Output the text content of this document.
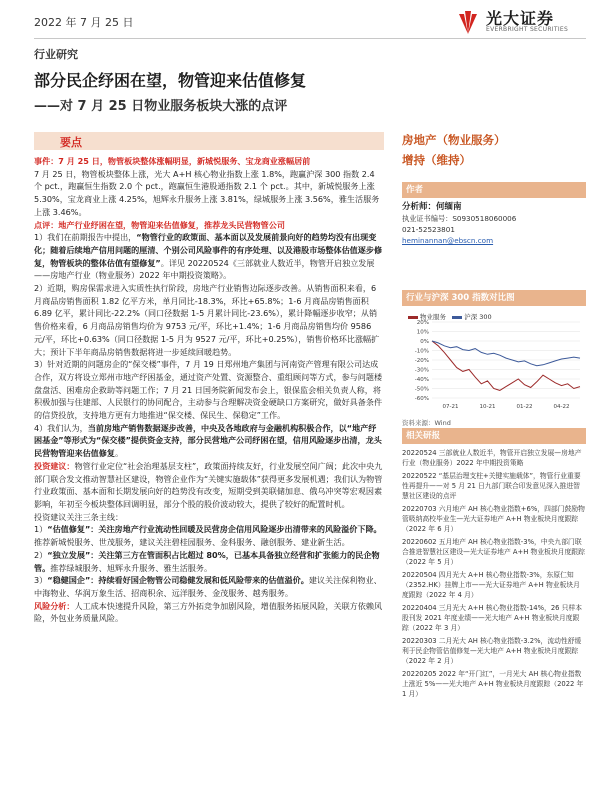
2022 年 7 月 25 日	光大证券
EVERBRIGHT SECURITIES
行业研究
部分民企纾困在望，物管迎来估值修复
——对 7 月 25 日物业服务板块大涨的点评
要点

事件：7 月 25 日，物管板块整体涨幅明显，新城悦服务、宝龙商业涨幅居前

7 月 25 日，物管板块整体上涨，光大 A+H 核心物业指数上涨 1.8%，跑赢沪深 300 指数 2.4 个 pct.，跑赢恒生指数 2.0 个 pct.，跑赢恒生港股通指数 2.1 个 pct.。其中，新城悦服务上涨 5.30%，宝龙商业上涨 4.25%，旭辉永升服务上涨 3.81%，绿城服务上涨 3.56%，雅生活服务上涨 3.46%。

点评：地产行业纾困在望，物管迎来估值修复，推荐龙头民营物管公司

1）我们在前期报告中提出，“物管行业的政策面、基本面以及发展前景向好的趋势均没有出现变化；随着后续地产信用问题的厘清、个别公司风险事件的有序处理、以及港股市场整体估值逐步修复，物管板块的整体估值有望修复”。详见 20220524《三部就业人数近半，物管开启独立发展——房地产行业（物业服务）2022 年中期投资策略》。

2）近期，购房保需求进入实质性执行阶段，房地产行业销售边际逐步改善。从销售面积来看，6 月商品房销售面积 1.82 亿平方米，单月同比-18.3%，环比+65.8%；1-6 月商品房销售面积 6.89 亿平，累计同比-22.2%（同口径数据 1-5 月累计同比-23.6%），累计降幅逐步收窄；从销售价格来看，6 月商品房销售均价为 9753 元/平，环比+1.4%；1-6 月商品房销售均价 9586 元/平，环比+0.63%（同口径数据 1-5 月为 9527 元/平，环比+0.25%），销售价格环比涨幅扩大；预计下半年商品房销售数据将进一步延续回暖趋势。

3）针对近期的问题房企的“保交楼”事件，7 月 19 日郑州地产集团与河南资产管理有限公司达成合作，双方将设立郑州市地产纾困基金，通过资产处置、资源整合、重组顾问等方式，参与问题楼盘盘活、困难房企救助等问题工作；7 月 21 日国务院新闻发布会上，银保监会相关负责人称，将积极加强与住建部、人民银行的协同配合，主动参与合理解决资金硬缺口方案研究，做好具备条件的信贷投放，支持地方更有力地推进“保交楼、保民生、保稳定”工作。

4）我们认为，当前房地产销售数据逐步改善，中央及各地政府与金融机构积极合作，以“地产纾困基金”等形式为“保交楼”提供资金支持，部分民营地产公司纾困在望，信用风险逐步出清，龙头民营物管迎来估值修复。

投资建议：物管行业定位“社会治理基层支柱”，政策面持续友好，行业发展空间广阔；此次中央九部门联合发文推动智慧社区建设，物管企业作为“关键实施载体”获得更多发展机遇；我们认为物管行业政策面、基本面和长期发展向好的趋势没有改变，短期受到美联储加息、俄乌冲突等宏观因素影响，年初至今板块整体回调明显，部分个股的股价波动较大，提供了较好的配置时机。

投资建议关注三条主线：

1）“估值修复”：关注房地产行业流动性回暖及民营房企信用风险逐步出清带来的风险溢价下降。推荐新城悦服务、世茂服务，建议关注碧桂园服务、金科服务、融创服务、建业新生活。

2）“独立发展”：关注第三方在管面积占比超过 80%，已基本具备独立经营和扩张能力的民企物管。推荐绿城服务、旭辉永升服务、雅生活服务。

3）“稳健国企”：持续看好国企物管公司稳健发展和低风险带来的估值溢价。建议关注保利物业、中海物业、华润万象生活、招商积余、远洋服务、金茂服务、越秀服务。

风险分析：人工成本快速提升风险，第三方外拓竞争加剧风险，增值服务拓展风险，关联方依赖风险，外包业务质量风险。

房地产（物业服务）
增持（维持）
作者
分析师：何缅南
执业证书编号：S0930518060006
021-52523801
heminannan@ebscn.com
行业与沪深 300 指数对比图
物业服务	沪深 300
20%
10%
0%
-10%
-20%
-30%
-40%
-50%
-60%
07-21	10-21	01-22	04-22
资料来源：Wind
相关研报

20220524 三部就业人数近半，物管开启独立发展—房地产行业（物业服务）2022 年中期投资策略

20220522 “基层治理支柱+关键实施载体”，物管行业重要性再提升——对 5 月 21 日九部门联合印发意见深入推进智慧社区建设的点评

20220703 六月地产 AH 核心物业指数+6%，四部门鼓励物管吸纳高校毕业生—光大证券地产 A+H 物业板块月度跟踪（2022 年 6 月）

20220602 五月地产 AH 核心物业指数-3%，中央九部门联合推进智慧社区建设—光大证券地产 A+H 物业板块月度跟踪（2022 年 5 月）

20220504 四月光大 A+H 核心物业指数-3%，东原仁知（2352.HK）挂牌上市——光大证券地产 A+H 物业板块月度跟踪（2022 年 4 月）

20220404 三月光大 A+H 核心物业指数-14%，26 只样本股刊发 2021 年度业绩——光大地产 A+H 物业板块月度跟踪（2022 年 3 月）

20220303 二月光大 AH 核心物业指数-3.2%，流动性舒缓利于民企物管估值修复—光大地产 A+H 物业板块月度跟踪（2022 年 2 月）

20220205 2022 年“开门红”，一月光大 AH 核心物业指数上涨近 5%——光大地产 A+H 物业板块月度跟踪（2022 年 1 月）
